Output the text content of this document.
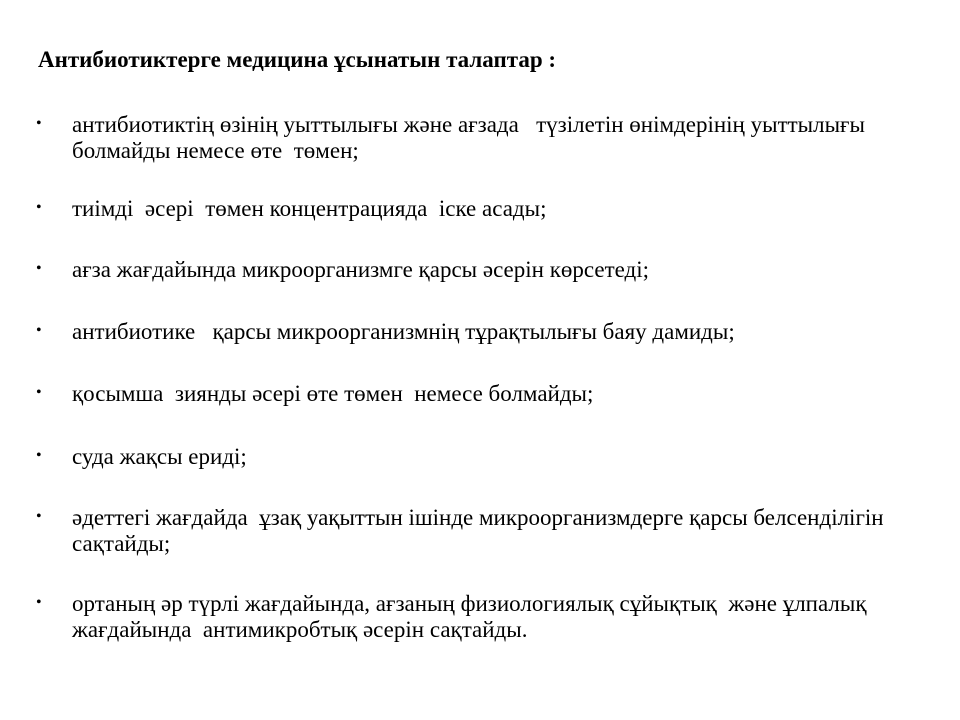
Антибиотиктерге медицина ұсынатын талаптар :
• антибиотиктің өзінің уыттылығы және ағзада   түзілетін өнімдерінің уыттылығы болмайды немесе өте  төмен;
• тиімді  әсері  төмен концентрацияда  іске асады;
• ағза жағдайында микроорганизмге қарсы әсерін көрсетеді;
• антибиотике   қарсы микроорганизмнің тұрақтылығы баяу дамиды;
• қосымша  зиянды әсері өте төмен  немесе болмайды;
• суда жақсы ериді;
• әдеттегі жағдайда  ұзақ уақыттын ішінде микроорганизмдерге қарсы белсенділігін сақтайды;
• ортаның әр түрлі жағдайында, ағзаның физиологиялық сұйықтық  және ұлпалық жағдайында  антимикробтық әсерін сақтайды.
